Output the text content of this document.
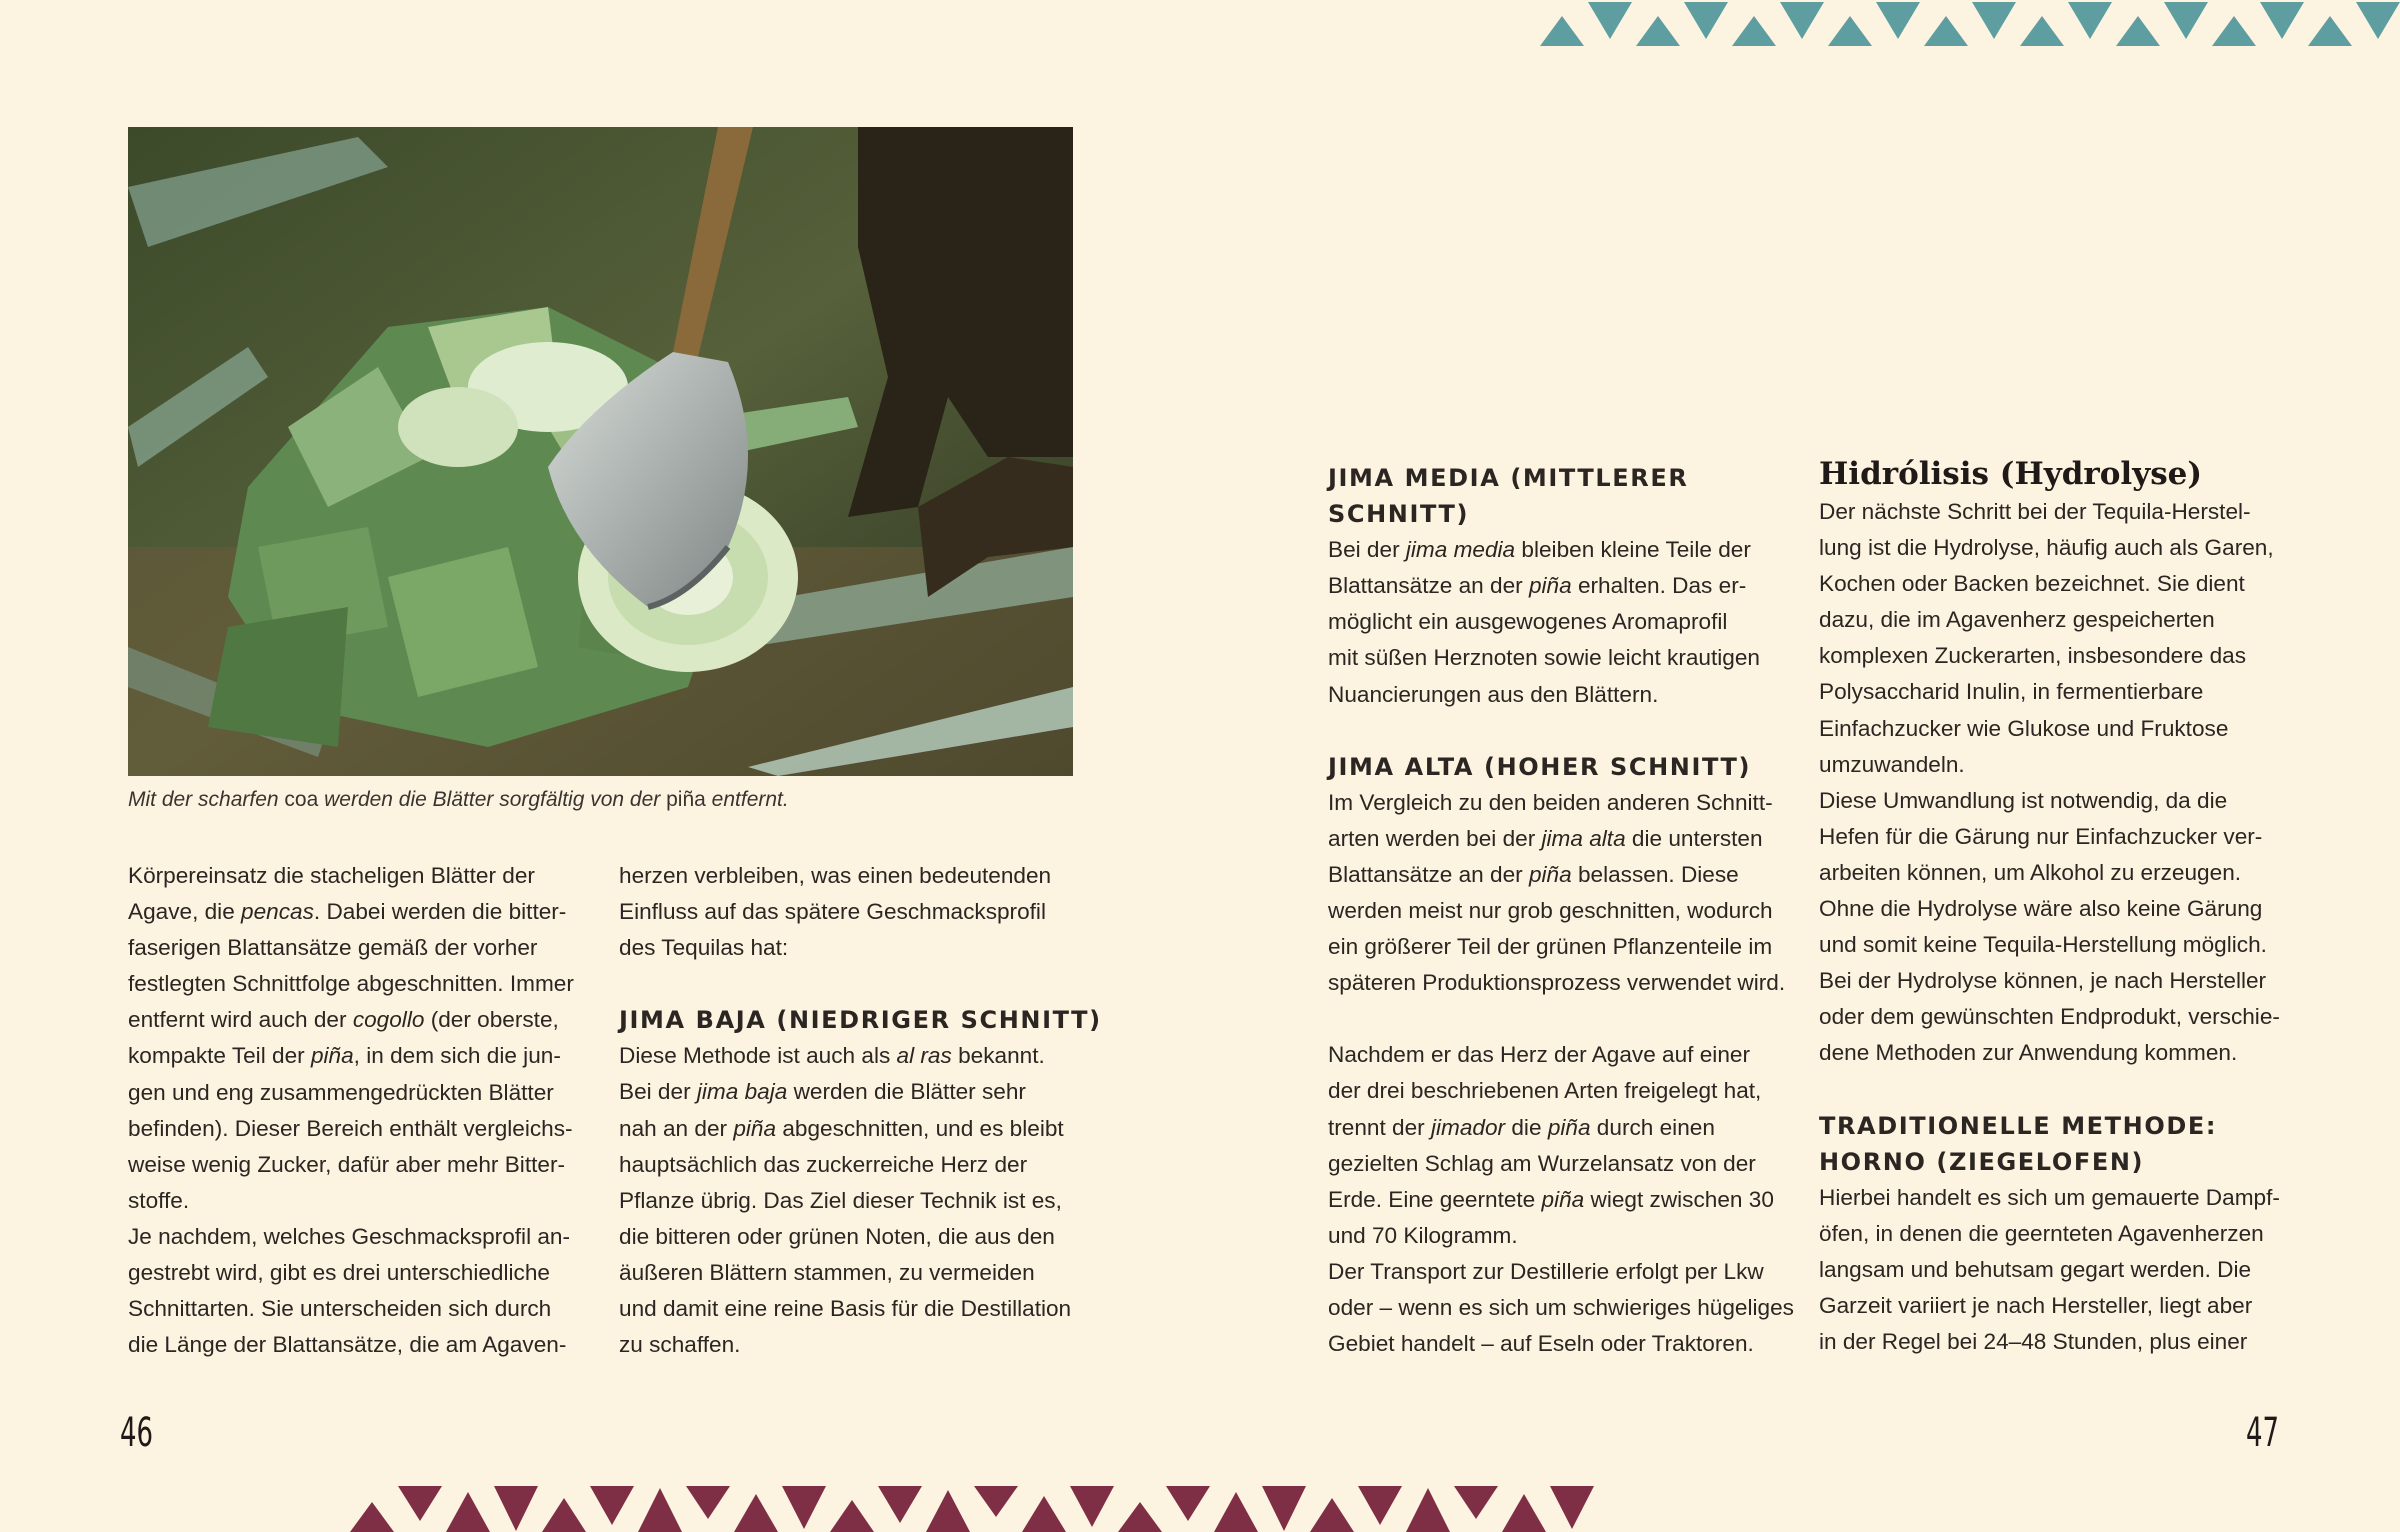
Mit der scharfen coa werden die Blätter sorgfältig von der piña entfernt.
Körpereinsatz die stacheligen Blätter der
Agave, die pencas. Dabei werden die bitter-
faserigen Blattansätze gemäß der vorher
festlegten Schnittfolge abgeschnitten. Immer
entfernt wird auch der cogollo (der oberste,
kompakte Teil der piña, in dem sich die jun-
gen und eng zusammengedrückten Blätter
befinden). Dieser Bereich enthält vergleichs-
weise wenig Zucker, dafür aber mehr Bitter-
stoffe.
Je nachdem, welches Geschmacksprofil an-
gestrebt wird, gibt es drei unterschiedliche
Schnittarten. Sie unterscheiden sich durch
die Länge der Blattansätze, die am Agaven-
herzen verbleiben, was einen bedeutenden
Einfluss auf das spätere Geschmacksprofil
des Tequilas hat:
JIMA BAJA (NIEDRIGER SCHNITT)
Diese Methode ist auch als al ras bekannt.
Bei der jima baja werden die Blätter sehr
nah an der piña abgeschnitten, und es bleibt
hauptsächlich das zuckerreiche Herz der
Pflanze übrig. Das Ziel dieser Technik ist es,
die bitteren oder grünen Noten, die aus den
äußeren Blättern stammen, zu vermeiden
und damit eine reine Basis für die Destillation
zu schaffen.
JIMA MEDIA (MITTLERER
SCHNITT)
Bei der jima media bleiben kleine Teile der
Blattansätze an der piña erhalten. Das er-
möglicht ein ausgewogenes Aromaprofil
mit süßen Herznoten sowie leicht krautigen
Nuancierungen aus den Blättern.
JIMA ALTA (HOHER SCHNITT)
Im Vergleich zu den beiden anderen Schnitt-
arten werden bei der jima alta die untersten
Blattansätze an der piña belassen. Diese
werden meist nur grob geschnitten, wodurch
ein größerer Teil der grünen Pflanzenteile im
späteren Produktionsprozess verwendet wird.
Nachdem er das Herz der Agave auf einer
der drei beschriebenen Arten freigelegt hat,
trennt der jimador die piña durch einen
gezielten Schlag am Wurzelansatz von der
Erde. Eine geerntete piña wiegt zwischen 30
und 70 Kilogramm.
Der Transport zur Destillerie erfolgt per Lkw
oder – wenn es sich um schwieriges hügeliges
Gebiet handelt – auf Eseln oder Traktoren.
Hidrólisis (Hydrolyse)
Der nächste Schritt bei der Tequila-Herstel-
lung ist die Hydrolyse, häufig auch als Garen,
Kochen oder Backen bezeichnet. Sie dient
dazu, die im Agavenherz gespeicherten
komplexen Zuckerarten, insbesondere das
Polysaccharid Inulin, in fermentierbare
Einfachzucker wie Glukose und Fruktose
umzuwandeln.
Diese Umwandlung ist notwendig, da die
Hefen für die Gärung nur Einfachzucker ver-
arbeiten können, um Alkohol zu erzeugen.
Ohne die Hydrolyse wäre also keine Gärung
und somit keine Tequila-Herstellung möglich.
Bei der Hydrolyse können, je nach Hersteller
oder dem gewünschten Endprodukt, verschie-
dene Methoden zur Anwendung kommen.
TRADITIONELLE METHODE:
HORNO (ZIEGELOFEN)
Hierbei handelt es sich um gemauerte Dampf-
öfen, in denen die geernteten Agavenherzen
langsam und behutsam gegart werden. Die
Garzeit variiert je nach Hersteller, liegt aber
in der Regel bei 24–48 Stunden, plus einer
46	47
